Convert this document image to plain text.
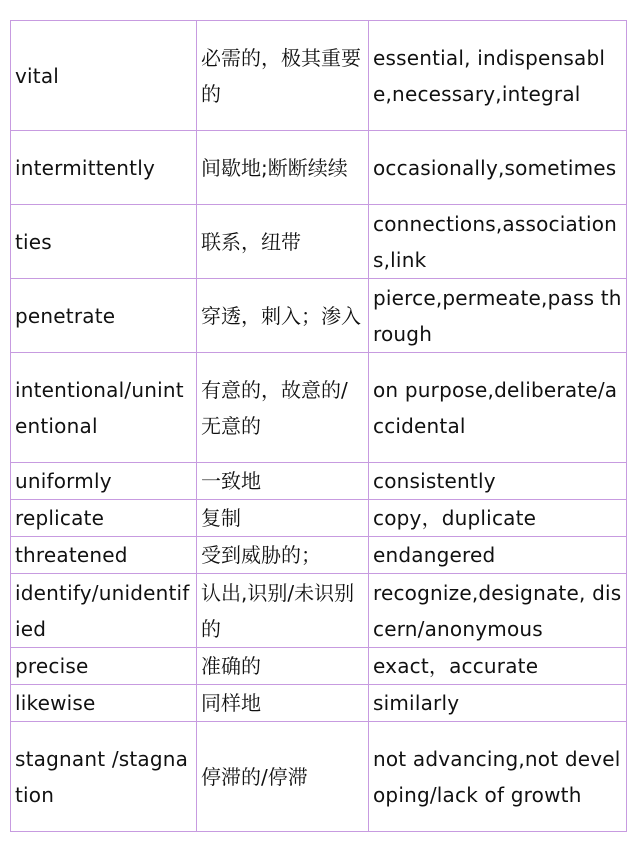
vital	必需的，极其重要的	essential, indispensable,necessary,integral
intermittently	间歇地;断断续续	occasionally,sometimes
ties	联系，纽带	connections,associations,link
penetrate	穿透，刺入；渗入	pierce,permeate,pass through
intentional/unintentional	有意的，故意的/无意的	on purpose,deliberate/accidental
uniformly	一致地	consistently
replicate	复制	copy，duplicate
threatened	受到威胁的；	endangered
identify/unidentified	认出,识别/未识别的	recognize,designate, discern/anonymous
precise	准确的	exact，accurate
likewise	同样地	similarly
stagnant /stagnation	停滞的/停滞	not advancing,not developing/lack of growth
